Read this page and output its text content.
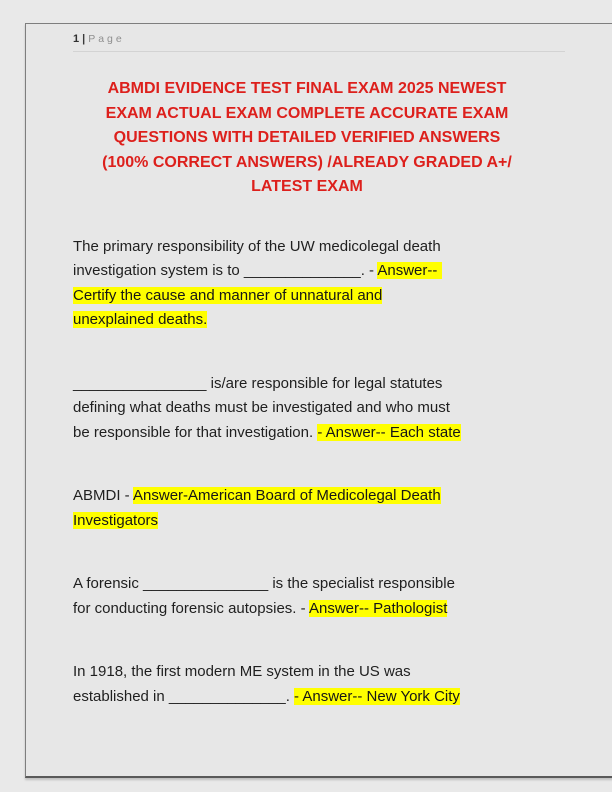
1 | Page
ABMDI EVIDENCE TEST FINAL EXAM 2025 NEWEST
EXAM ACTUAL EXAM COMPLETE ACCURATE EXAM
QUESTIONS WITH DETAILED VERIFIED ANSWERS
(100% CORRECT ANSWERS) /ALREADY GRADED A+/
LATEST EXAM
The primary responsibility of the UW medicolegal death
investigation system is to ______________. - Answer--
Certify the cause and manner of unnatural and
unexplained deaths.
________________ is/are responsible for legal statutes
defining what deaths must be investigated and who must
be responsible for that investigation. - Answer-- Each state
ABMDI - Answer-American Board of Medicolegal Death
Investigators
A forensic _______________ is the specialist responsible
for conducting forensic autopsies. - Answer-- Pathologist
In 1918, the first modern ME system in the US was
established in ______________. - Answer-- New York City
